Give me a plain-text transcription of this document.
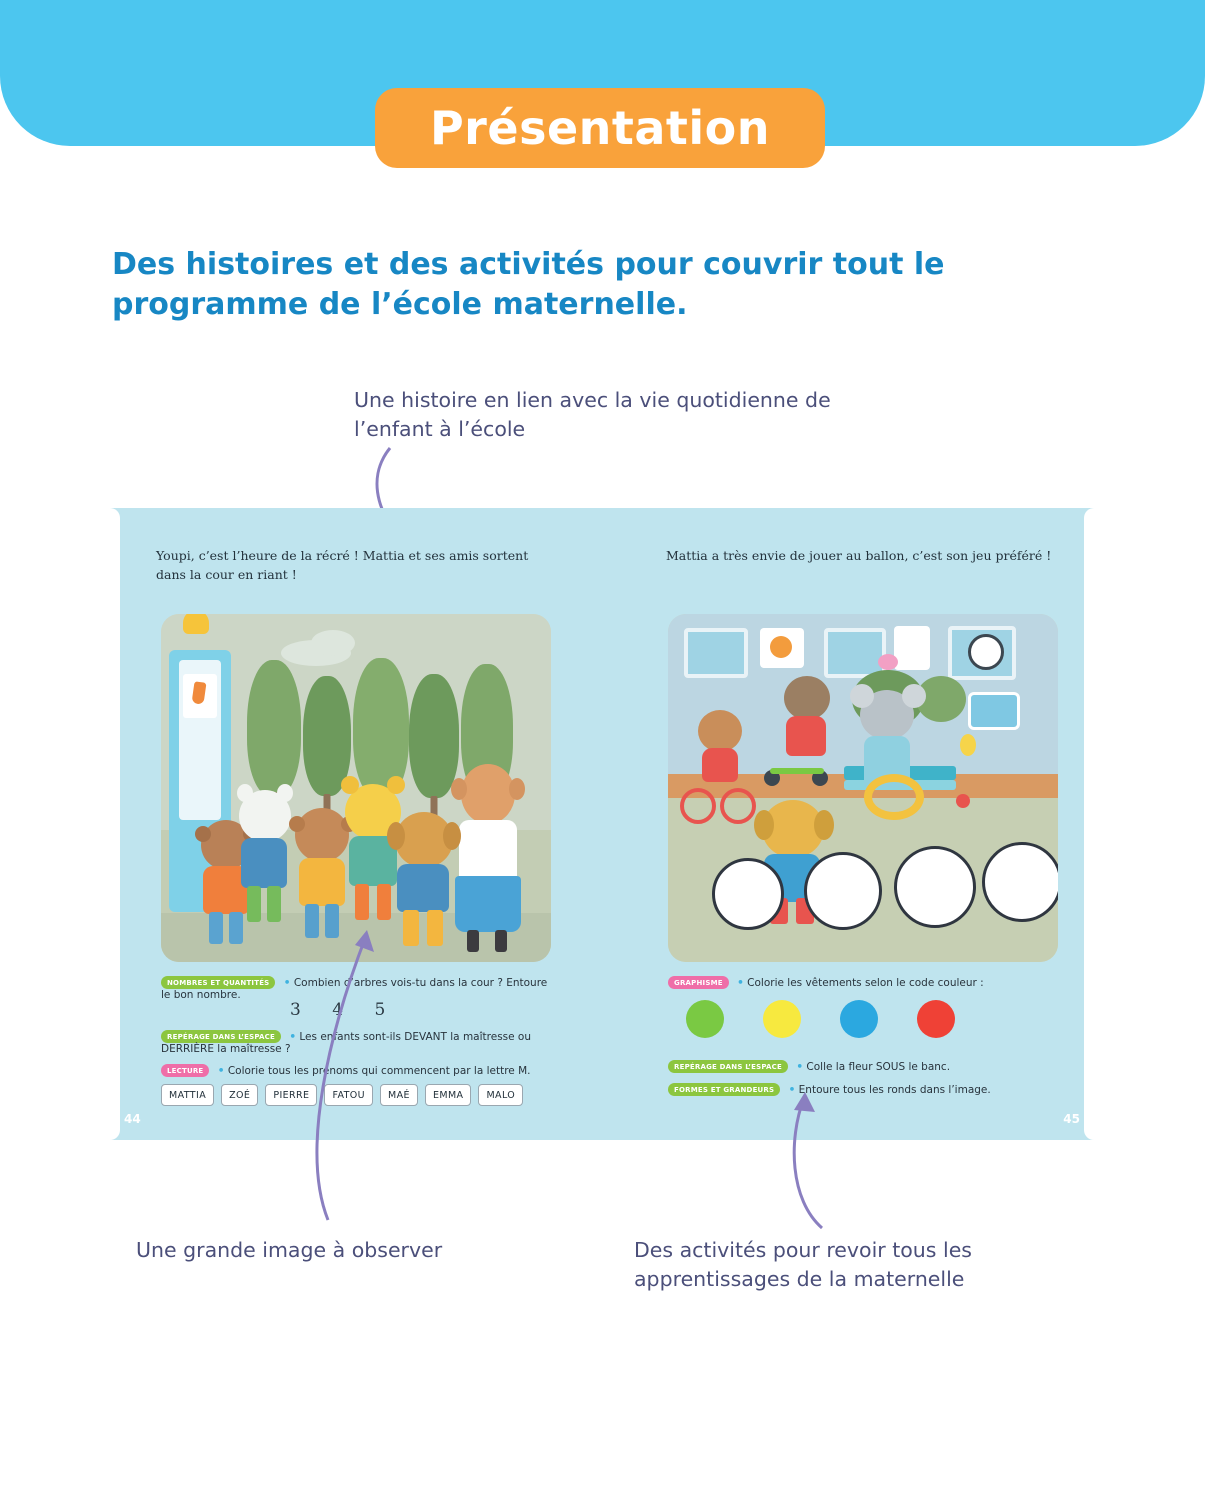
Présentation
Des histoires et des activités pour couvrir tout le programme de l’école maternelle.
Une histoire en lien avec la vie quotidienne de l’enfant à l’école
Youpi, c’est l’heure de la récré ! Mattia et ses amis sortent dans la cour en riant !
NOMBRES ET QUANTITÉS • Combien d’arbres vois-tu dans la cour ? Entoure le bon nombre.
3 4 5
REPÉRAGE DANS L’ESPACE • Les enfants sont-ils DEVANT la maîtresse ou DERRIÈRE la maîtresse ?
LECTURE • Colorie tous les prénoms qui commencent par la lettre M.
MATTIA	ZOÉ	PIERRE	FATOU	MAÉ	EMMA	MALO
44
Mattia a très envie de jouer au ballon, c’est son jeu préféré !
GRAPHISME • Colorie les vêtements selon le code couleur :
REPÉRAGE DANS L’ESPACE • Colle la fleur SOUS le banc.
FORMES ET GRANDEURS • Entoure tous les ronds dans l’image.
45
Une grande image à observer	Des activités pour revoir tous les apprentissages de la maternelle
